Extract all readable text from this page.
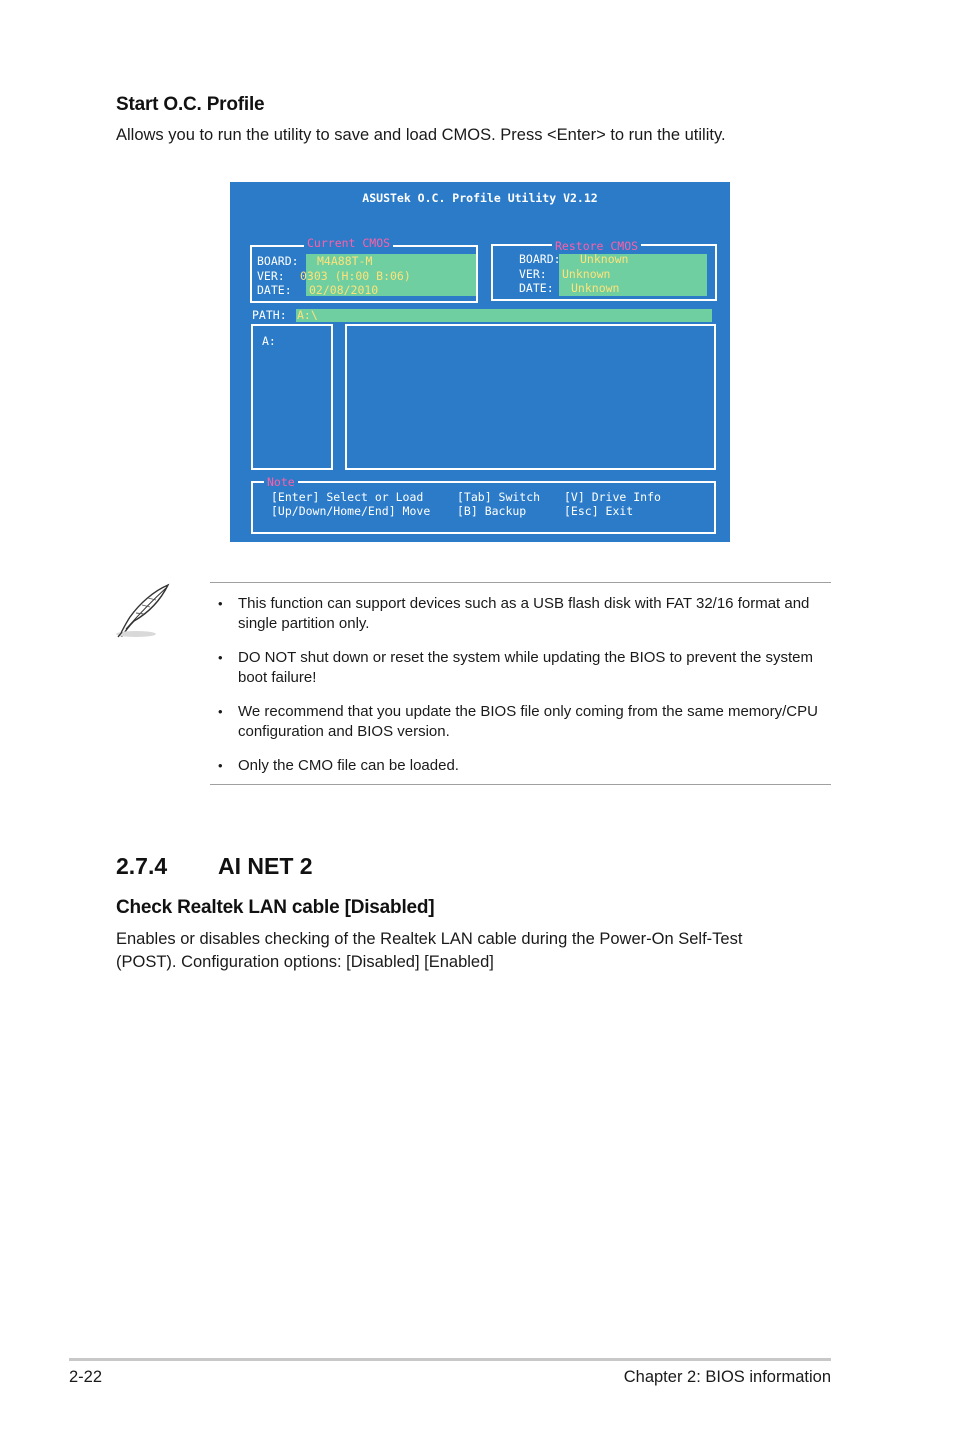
Start O.C. Profile
Allows you to run the utility to save and load CMOS. Press <Enter> to run the utility.
ASUSTek O.C. Profile Utility V2.12
Current CMOS
BOARD: M4A88T-M
VER: 0303 (H:00 B:06)
DATE: 02/08/2010
Restore CMOS
BOARD: Unknown
VER: Unknown
DATE: Unknown
PATH: A:\
A:
Note
[Enter] Select or Load	[Tab] Switch [V] Drive Info
[Up/Down/Home/End] Move [B] Backup	[Esc] Exit
• This function can support devices such as a USB flash disk with FAT 32/16 format and single partition only.
• DO NOT shut down or reset the system while updating the BIOS to prevent the system boot failure!
• We recommend that you update the BIOS file only coming from the same memory/CPU configuration and BIOS version.
• Only the CMO file can be loaded.
2.7.4 AI NET 2
Check Realtek LAN cable [Disabled]
Enables or disables checking of the Realtek LAN cable during the Power-On Self-Test (POST). Configuration options: [Disabled] [Enabled]
2-22	Chapter 2: BIOS information
